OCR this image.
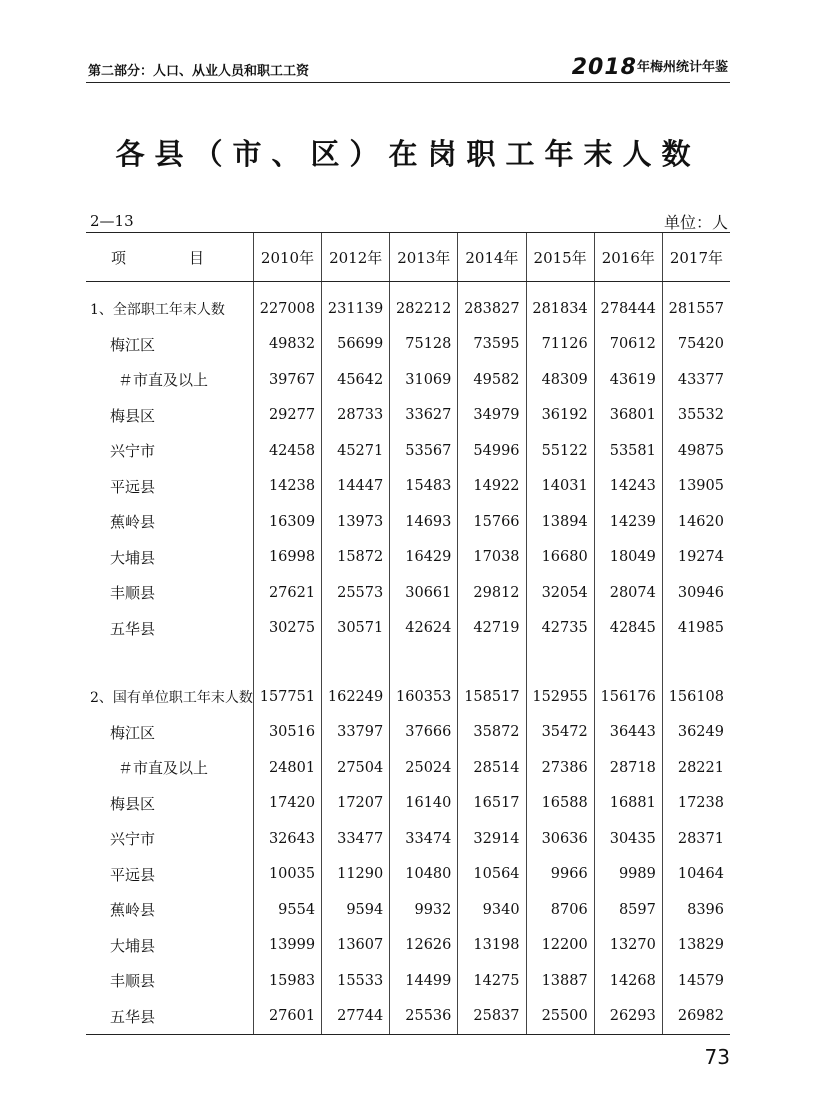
第二部分：人口、从业人员和职工工资	2018年梅州统计年鉴
各县（市、区）在岗职工年末人数
2—13	单位：人
项　目	2010年	2012年	2013年	2014年	2015年	2016年	2017年

1、全部职工年末人数	227008	231139	282212	283827	281834	278444	281557
梅江区	49832	56699	75128	73595	71126	70612	75420
＃市直及以上	39767	45642	31069	49582	48309	43619	43377
梅县区	29277	28733	33627	34979	36192	36801	35532
兴宁市	42458	45271	53567	54996	55122	53581	49875
平远县	14238	14447	15483	14922	14031	14243	13905
蕉岭县	16309	13973	14693	15766	13894	14239	14620
大埔县	16998	15872	16429	17038	16680	18049	19274
丰顺县	27621	25573	30661	29812	32054	28074	30946
五华县	30275	30571	42624	42719	42735	42845	41985

2、国有单位职工年末人数	157751	162249	160353	158517	152955	156176	156108
梅江区	30516	33797	37666	35872	35472	36443	36249
＃市直及以上	24801	27504	25024	28514	27386	28718	28221
梅县区	17420	17207	16140	16517	16588	16881	17238
兴宁市	32643	33477	33474	32914	30636	30435	28371
平远县	10035	11290	10480	10564	9966	9989	10464
蕉岭县	9554	9594	9932	9340	8706	8597	8396
大埔县	13999	13607	12626	13198	12200	13270	13829
丰顺县	15983	15533	14499	14275	13887	14268	14579
五华县	27601	27744	25536	25837	25500	26293	26982
73
